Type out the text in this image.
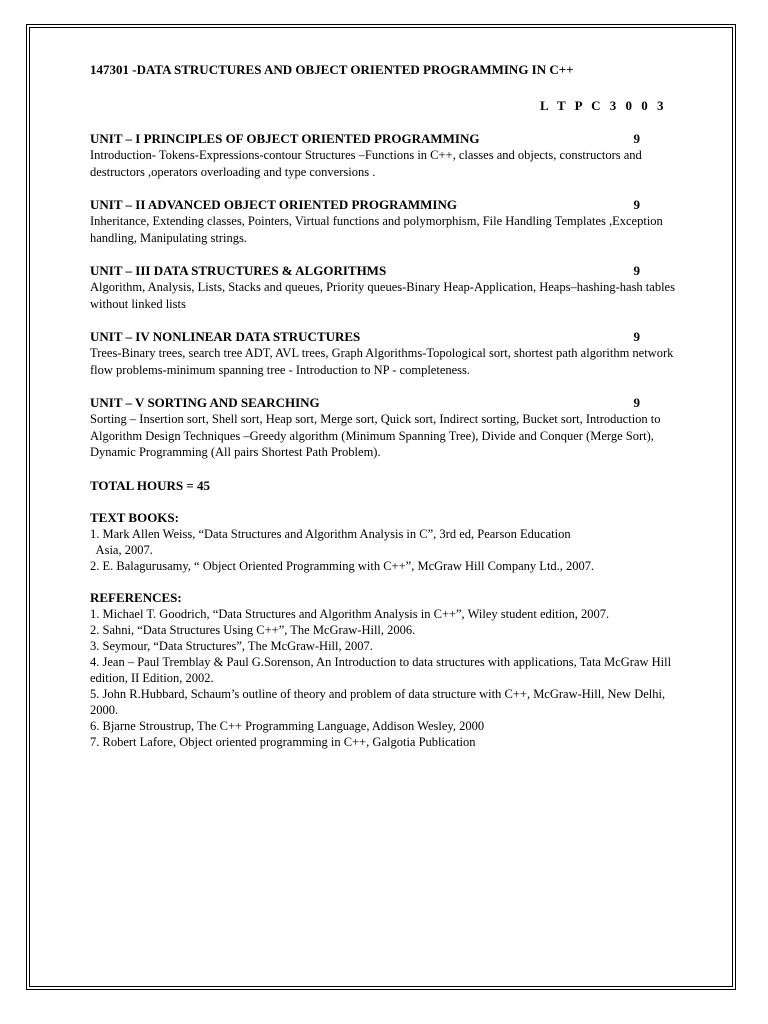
147301 -DATA STRUCTURES AND OBJECT ORIENTED PROGRAMMING IN C++

L T P C 3 0 0 3

UNIT – I PRINCIPLES OF OBJECT ORIENTED PROGRAMMING	9

Introduction- Tokens-Expressions-contour Structures –Functions in C++, classes and objects, constructors and destructors ,operators overloading and type conversions .

UNIT – II ADVANCED OBJECT ORIENTED PROGRAMMING	9

Inheritance, Extending classes, Pointers, Virtual functions and polymorphism, File Handling Templates ,Exception handling, Manipulating strings.

UNIT – III DATA STRUCTURES & ALGORITHMS	9

Algorithm, Analysis, Lists, Stacks and queues, Priority queues-Binary Heap-Application, Heaps–hashing-hash tables without linked lists

UNIT – IV NONLINEAR DATA STRUCTURES	9

Trees-Binary trees, search tree ADT, AVL trees, Graph Algorithms-Topological sort, shortest path algorithm network flow problems-minimum spanning tree - Introduction to NP - completeness.

UNIT – V SORTING AND SEARCHING	9

Sorting – Insertion sort, Shell sort, Heap sort, Merge sort, Quick sort, Indirect sorting, Bucket sort, Introduction to Algorithm Design Techniques –Greedy algorithm (Minimum Spanning Tree), Divide and Conquer (Merge Sort), Dynamic Programming (All pairs Shortest Path Problem).

TOTAL HOURS = 45
TEXT BOOKS:
1. Mark Allen Weiss, “Data Structures and Algorithm Analysis in C”, 3rd ed, Pearson Education
Asia, 2007.
2. E. Balagurusamy, “ Object Oriented Programming with C++”, McGraw Hill Company Ltd., 2007.
REFERENCES:
1. Michael T. Goodrich, “Data Structures and Algorithm Analysis in C++”, Wiley student edition, 2007.
2. Sahni, “Data Structures Using C++”, The McGraw-Hill, 2006.
3. Seymour, “Data Structures”, The McGraw-Hill, 2007.
4. Jean – Paul Tremblay & Paul G.Sorenson, An Introduction to data structures with applications, Tata McGraw Hill edition, II Edition, 2002.
5. John R.Hubbard, Schaum’s outline of theory and problem of data structure with C++, McGraw-Hill, New Delhi, 2000.
6. Bjarne Stroustrup, The C++ Programming Language, Addison Wesley, 2000
7. Robert Lafore, Object oriented programming in C++, Galgotia Publication
